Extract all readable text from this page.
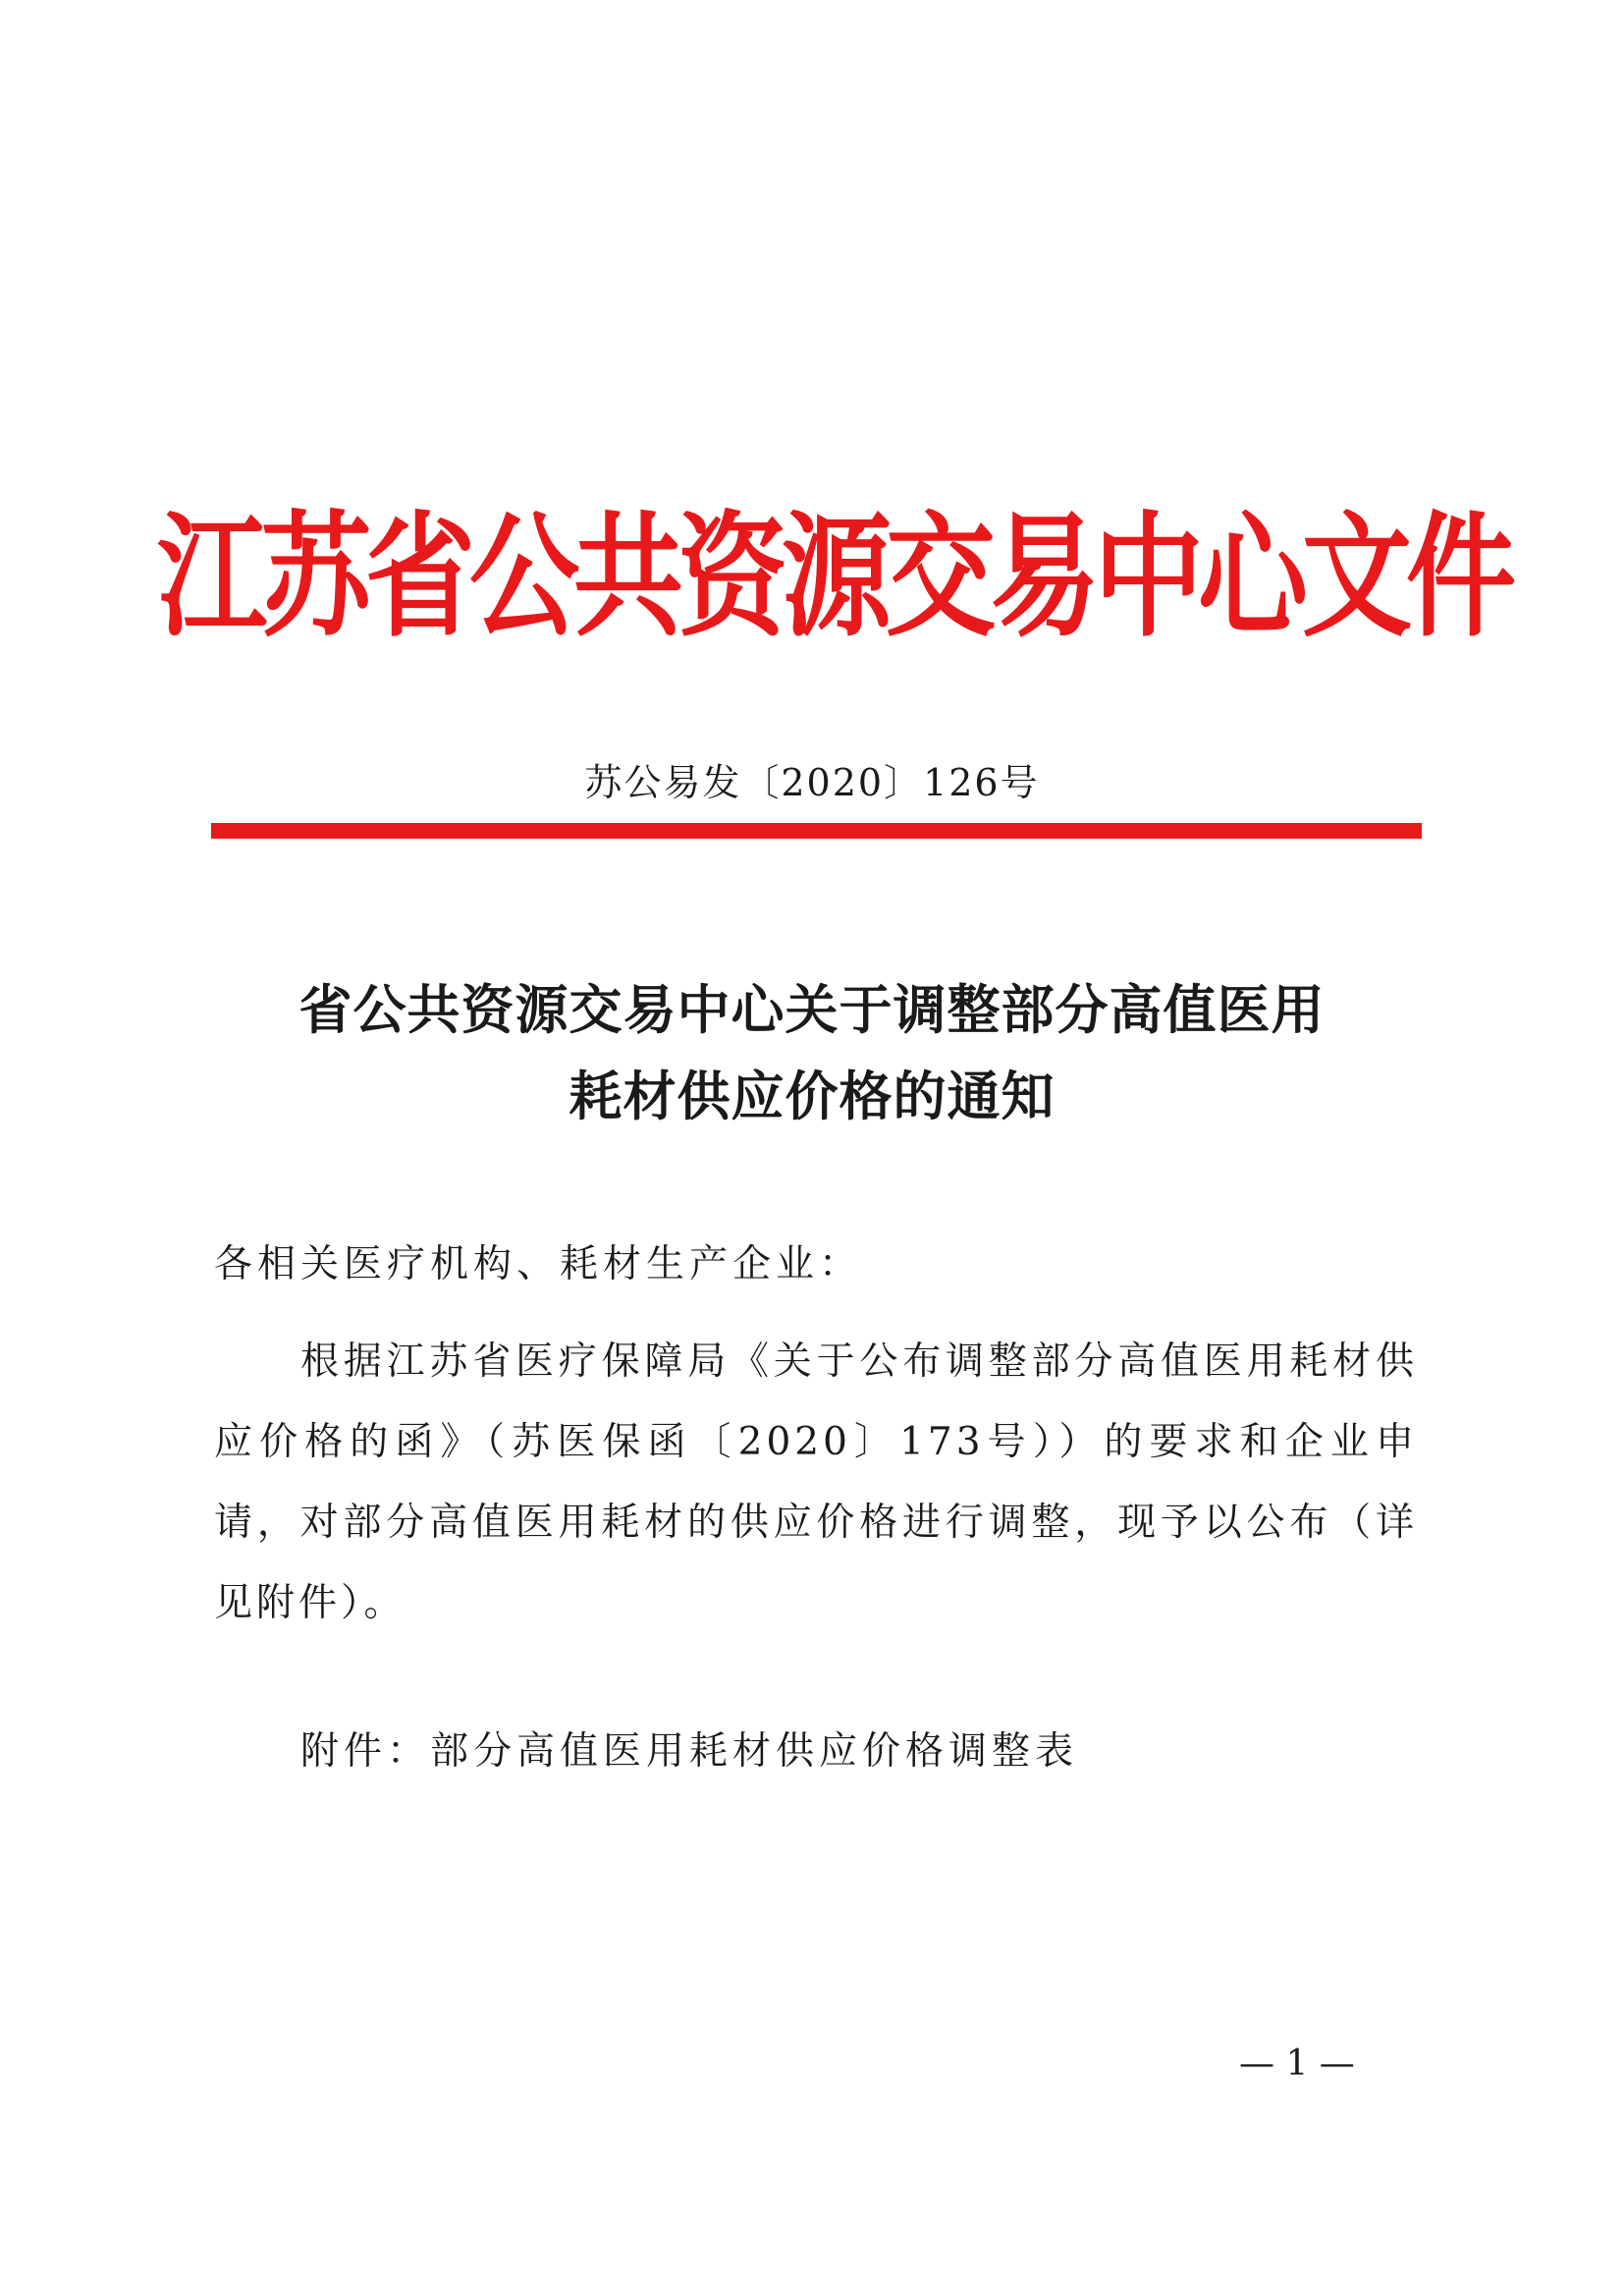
江苏省公共资源交易中心文件
苏公易发〔2020〕126号
省公共资源交易中心关于调整部分高值医用
耗材供应价格的通知
各相关医疗机构、耗材生产企业：
根据江苏省医疗保障局《关于公布调整部分高值医用耗材供应价格的函》（苏医保函〔2020〕173号））的要求和企业申请，对部分高值医用耗材的供应价格进行调整，现予以公布（详见附件）。
附件：部分高值医用耗材供应价格调整表
— 1 —
